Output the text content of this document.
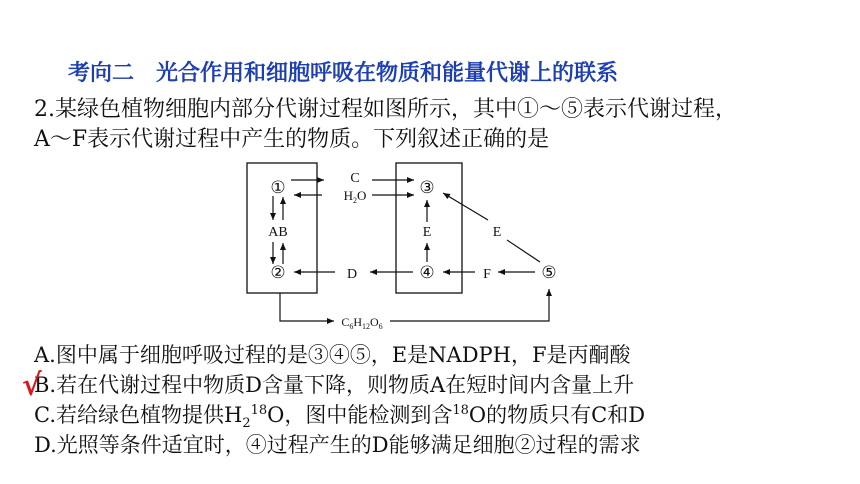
考向二　光合作用和细胞呼吸在物质和能量代谢上的联系
2.某绿色植物细胞内部分代谢过程如图所示，其中①～⑤表示代谢过程，
A～F表示代谢过程中产生的物质。下列叙述正确的是
①
②
③
④	⑤
AB
C
$H_2O$
E
D	F
E
$C_6H_{12}O_6$
A.图中属于细胞呼吸过程的是③④⑤，E是NADPH，F是丙酮酸
B.若在代谢过程中物质D含量下降，则物质A在短时间内含量上升
C.若给绿色植物提供$H_2^{18}O$，图中能检测到含$^{18}$O的物质只有C和D
D.光照等条件适宜时，④过程产生的D能够满足细胞②过程的需求
√
